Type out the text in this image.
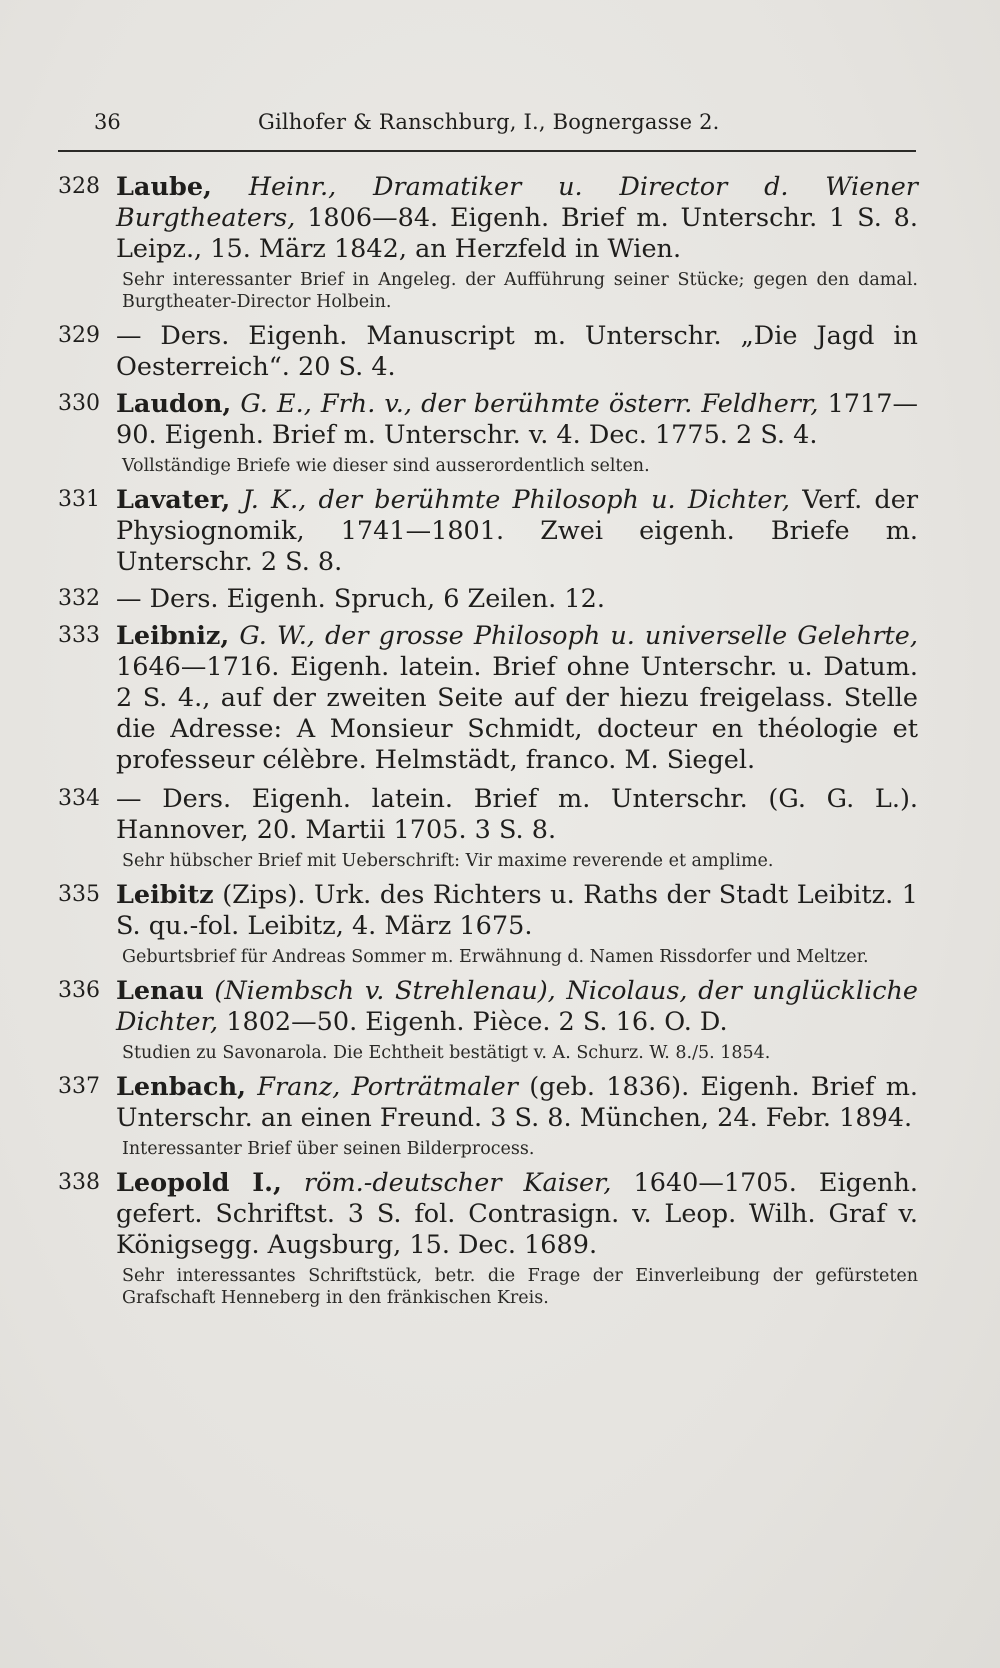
36	Gilhofer & Ranschburg, I., Bognergasse 2.
328 Laube, Heinr., Dramatiker u. Director d. Wiener Burgtheaters, 1806—84. Eigenh. Brief m. Unterschr. 1 S. 8. Leipz., 15. März 1842, an Herzfeld in Wien.
Sehr interessanter Brief in Angeleg. der Aufführung seiner Stücke; gegen den damal. Burgtheater-Director Holbein.
329 — Ders. Eigenh. Manuscript m. Unterschr. „Die Jagd in Oesterreich“. 20 S. 4.
330 Laudon, G. E., Frh. v., der berühmte österr. Feldherr, 1717—90. Eigenh. Brief m. Unterschr. v. 4. Dec. 1775. 2 S. 4.
Vollständige Briefe wie dieser sind ausserordentlich selten.
331 Lavater, J. K., der berühmte Philosoph u. Dichter, Verf. der Physiognomik, 1741—1801. Zwei eigenh. Briefe m. Unterschr. 2 S. 8.
332 — Ders. Eigenh. Spruch, 6 Zeilen. 12.
333 Leibniz, G. W., der grosse Philosoph u. universelle Gelehrte, 1646—1716. Eigenh. latein. Brief ohne Unterschr. u. Datum. 2 S. 4., auf der zweiten Seite auf der hiezu freigelass. Stelle die Adresse: A Monsieur Schmidt, docteur en théologie et professeur célèbre. Helmstädt, franco. M. Siegel.
334 — Ders. Eigenh. latein. Brief m. Unterschr. (G. G. L.). Hannover, 20. Martii 1705. 3 S. 8.
Sehr hübscher Brief mit Ueberschrift: Vir maxime reverende et amplime.
335 Leibitz (Zips). Urk. des Richters u. Raths der Stadt Leibitz. 1 S. qu.-fol. Leibitz, 4. März 1675.
Geburtsbrief für Andreas Sommer m. Erwähnung d. Namen Rissdorfer und Meltzer.
336 Lenau (Niembsch v. Strehlenau), Nicolaus, der unglückliche Dichter, 1802—50. Eigenh. Pièce. 2 S. 16. O. D.
Studien zu Savonarola. Die Echtheit bestätigt v. A. Schurz. W. 8./5. 1854.
337 Lenbach, Franz, Porträtmaler (geb. 1836). Eigenh. Brief m. Unterschr. an einen Freund. 3 S. 8. München, 24. Febr. 1894.
Interessanter Brief über seinen Bilderprocess.
338 Leopold I., röm.-deutscher Kaiser, 1640—1705. Eigenh. gefert. Schriftst. 3 S. fol. Contrasign. v. Leop. Wilh. Graf v. Königsegg. Augsburg, 15. Dec. 1689.
Sehr interessantes Schriftstück, betr. die Frage der Einverleibung der gefürsteten Grafschaft Henneberg in den fränkischen Kreis.
